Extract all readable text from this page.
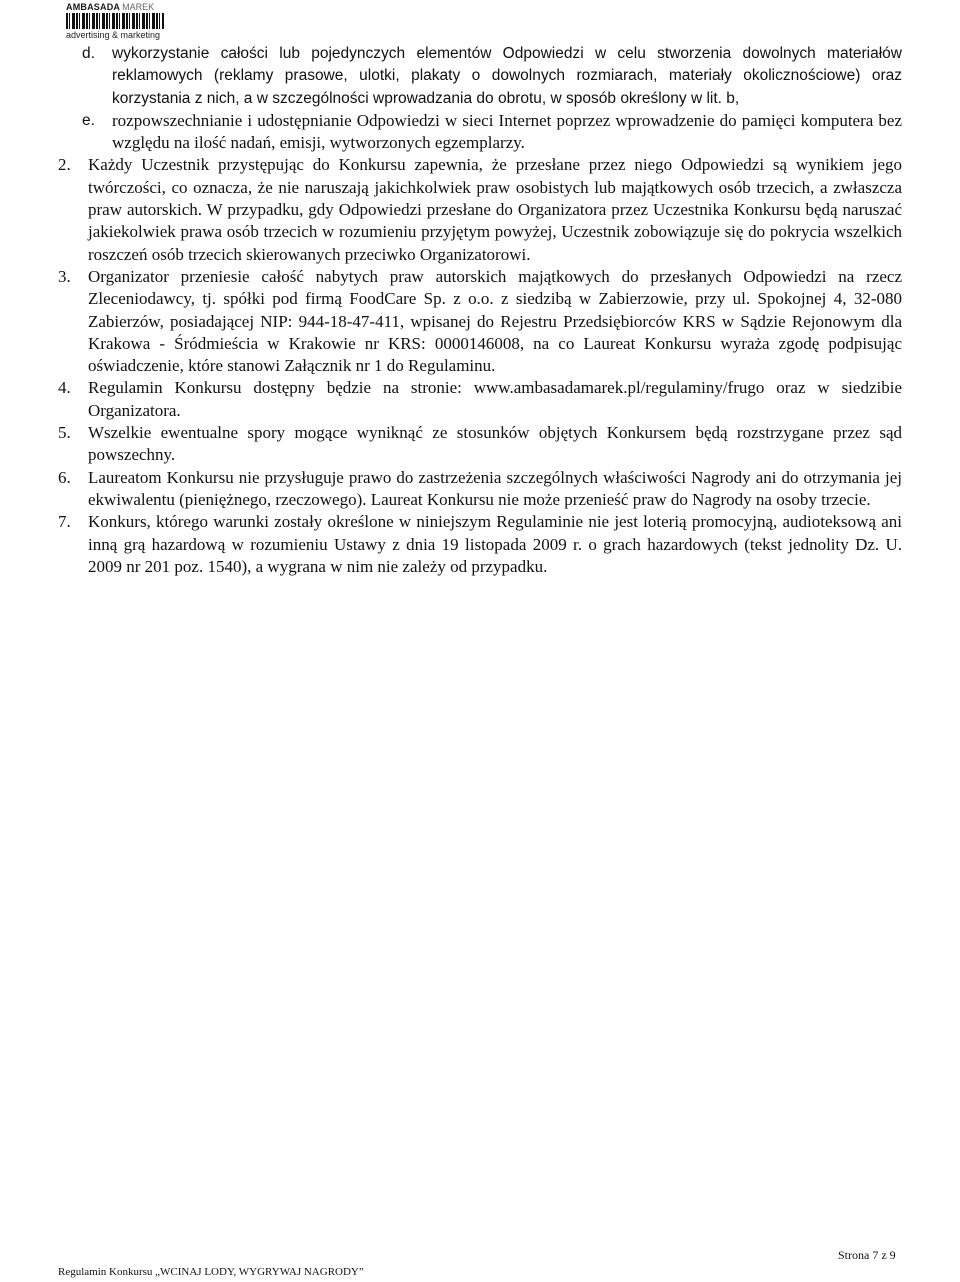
AMBASADA MAREK
advertising & marketing
d.	wykorzystanie całości lub pojedynczych elementów Odpowiedzi w celu stworzenia dowolnych materiałów reklamowych (reklamy prasowe, ulotki, plakaty o dowolnych rozmiarach, materiały okolicznościowe) oraz korzystania z nich, a w szczególności wprowadzania do obrotu, w sposób określony w lit. b,
e.	rozpowszechnianie i udostępnianie Odpowiedzi w sieci Internet poprzez wprowadzenie do pamięci komputera bez względu na ilość nadań, emisji, wytworzonych egzemplarzy.
2.	Każdy Uczestnik przystępując do Konkursu zapewnia, że przesłane przez niego Odpowiedzi są wynikiem jego twórczości, co oznacza, że nie naruszają jakichkolwiek praw osobistych lub majątkowych osób trzecich, a zwłaszcza praw autorskich. W przypadku, gdy Odpowiedzi przesłane do Organizatora przez Uczestnika Konkursu będą naruszać jakiekolwiek prawa osób trzecich w rozumieniu przyjętym powyżej, Uczestnik zobowiązuje się do pokrycia wszelkich roszczeń osób trzecich skierowanych przeciwko Organizatorowi.
3.	Organizator przeniesie całość nabytych praw autorskich majątkowych do przesłanych Odpowiedzi na rzecz Zleceniodawcy, tj. spółki pod firmą FoodCare Sp. z o.o. z siedzibą w Zabierzowie, przy ul. Spokojnej 4, 32-080 Zabierzów, posiadającej NIP: 944-18-47-411, wpisanej do Rejestru Przedsiębiorców KRS w Sądzie Rejonowym dla Krakowa - Śródmieścia w Krakowie nr KRS: 0000146008, na co Laureat Konkursu wyraża zgodę podpisując oświadczenie, które stanowi Załącznik nr 1 do Regulaminu.
4.	Regulamin Konkursu dostępny będzie na stronie: www.ambasadamarek.pl/regulaminy/frugo oraz w siedzibie Organizatora.
5.	Wszelkie ewentualne spory mogące wyniknąć ze stosunków objętych Konkursem będą rozstrzygane przez sąd powszechny.
6.	Laureatom Konkursu nie przysługuje prawo do zastrzeżenia szczególnych właściwości Nagrody ani do otrzymania jej ekwiwalentu (pieniężnego, rzeczowego). Laureat Konkursu nie może przenieść praw do Nagrody na osoby trzecie.
7.	Konkurs, którego warunki zostały określone w niniejszym Regulaminie nie jest loterią promocyjną, audioteksową ani inną grą hazardową w rozumieniu Ustawy z dnia 19 listopada 2009 r. o grach hazardowych (tekst jednolity Dz. U. 2009 nr 201 poz. 1540), a wygrana w nim nie zależy od przypadku.
Strona 7 z 9
Regulamin Konkursu „WCINAJ LODY, WYGRYWAJ NAGRODY”
